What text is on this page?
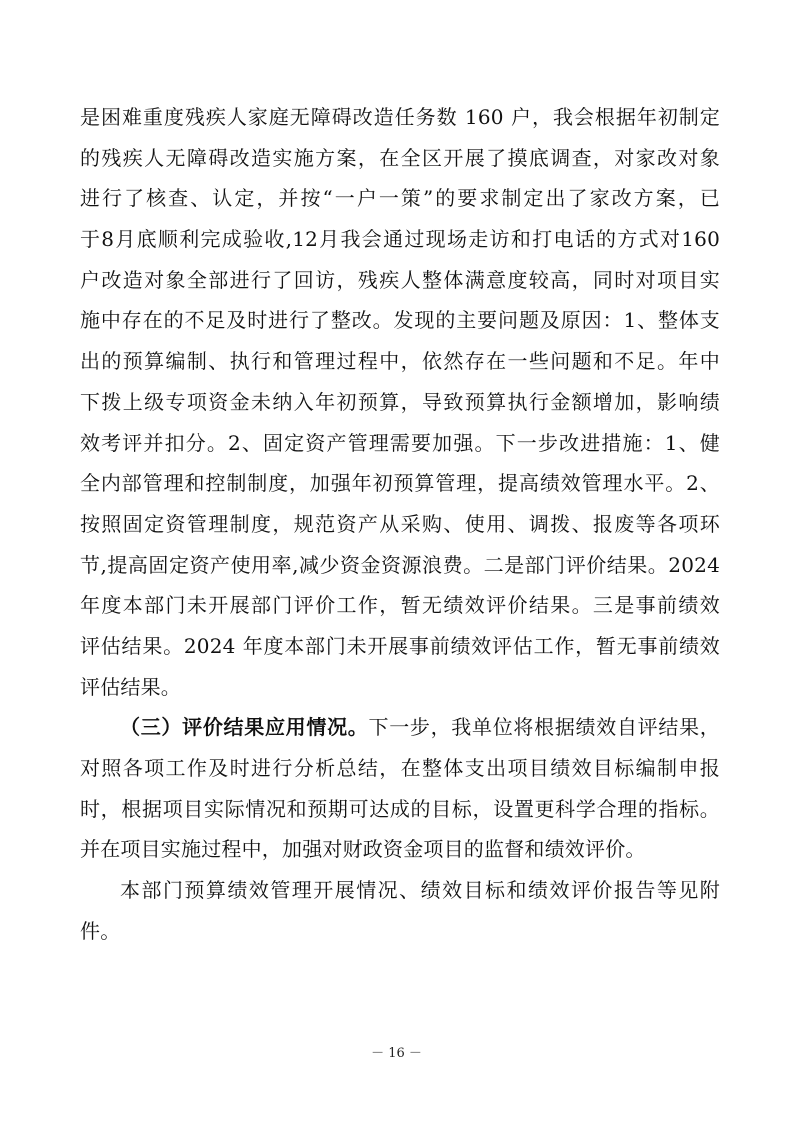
是困难重度残疾人家庭无障碍改造任务数 160 户，我会根据年初制定
的残疾人无障碍改造实施方案，在全区开展了摸底调查，对家改对象
进行了核查、认定，并按“一户一策”的要求制定出了家改方案，已
于8月底顺利完成验收,12月我会通过现场走访和打电话的方式对160
户改造对象全部进行了回访，残疾人整体满意度较高，同时对项目实
施中存在的不足及时进行了整改。发现的主要问题及原因：1、整体支
出的预算编制、执行和管理过程中，依然存在一些问题和不足。年中
下拨上级专项资金未纳入年初预算，导致预算执行金额增加，影响绩
效考评并扣分。2、固定资产管理需要加强。下一步改进措施：1、健
全内部管理和控制制度，加强年初预算管理，提高绩效管理水平。2、
按照固定资管理制度，规范资产从采购、使用、调拨、报废等各项环
节,提高固定资产使用率,减少资金资源浪费。二是部门评价结果。2024
年度本部门未开展部门评价工作，暂无绩效评价结果。三是事前绩效
评估结果。2024 年度本部门未开展事前绩效评估工作，暂无事前绩效
评估结果。
（三）评价结果应用情况。下一步，我单位将根据绩效自评结果，
对照各项工作及时进行分析总结，在整体支出项目绩效目标编制申报
时，根据项目实际情况和预期可达成的目标，设置更科学合理的指标。
并在项目实施过程中，加强对财政资金项目的监督和绩效评价。
本部门预算绩效管理开展情况、绩效目标和绩效评价报告等见附
件。
－ 16 －
